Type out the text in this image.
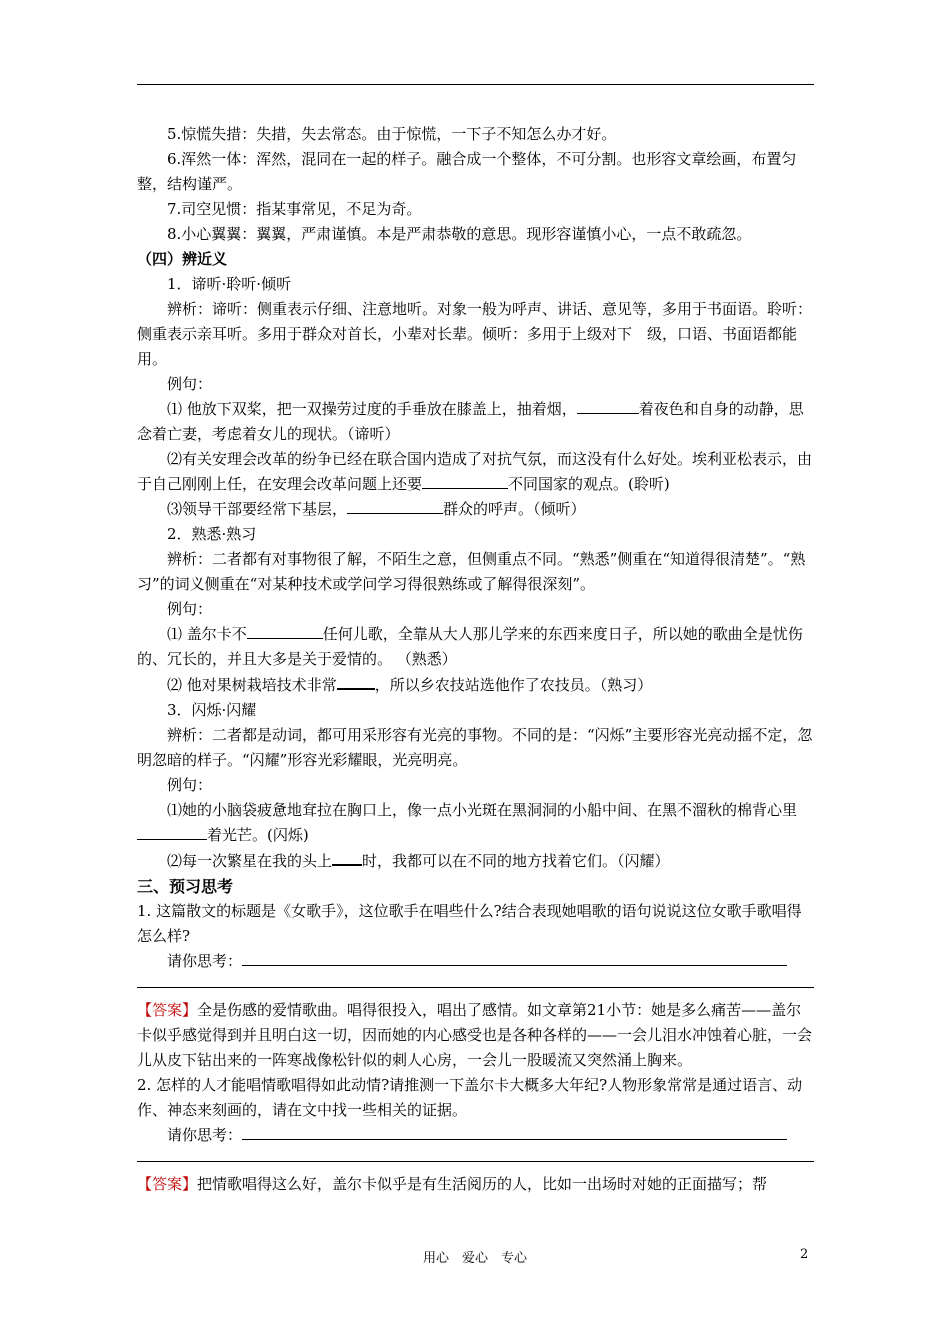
5.惊慌失措：失措，失去常态。由于惊慌，一下子不知怎么办才好。

6.浑然一体：浑然，混同在一起的样子。融合成一个整体，不可分割。也形容文章绘画，布置匀整，结构谨严。

7.司空见惯：指某事常见，不足为奇。

8.小心翼翼：翼翼，严肃谨慎。本是严肃恭敬的意思。现形容谨慎小心，一点不敢疏忽。

（四）辨近义

1．谛听·聆听·倾听

辨析：谛听：侧重表示仔细、注意地听。对象一般为呼声、讲话、意见等，多用于书面语。聆听：侧重表示亲耳听。多用于群众对首长，小辈对长辈。倾听：多用于上级对下　级，口语、书面语都能用。

例句：

⑴ 他放下双桨，把一双操劳过度的手垂放在膝盖上，抽着烟，	着夜色和自身的动静，思念着亡妻，考虑着女儿的现状。（谛听）

⑵有关安理会改革的纷争已经在联合国内造成了对抗气氛，而这没有什么好处。埃利亚松表示，由于自己刚刚上任，在安理会改革问题上还要	不同国家的观点。(聆听)

⑶领导干部要经常下基层，	群众的呼声。（倾听）

2．熟悉·熟习

辨析：二者都有对事物很了解，不陌生之意，但侧重点不同。“熟悉”侧重在“知道得很清楚”。“熟习”的词义侧重在“对某种技术或学问学习得很熟练或了解得很深刻”。

例句：

⑴ 盖尔卡不	任何儿歌，全靠从大人那儿学来的东西来度日子，所以她的歌曲全是忧伤的、冗长的，并且大多是关于爱情的。 （熟悉）

⑵ 他对果树栽培技术非常	，所以乡农技站选他作了农技员。（熟习）

3．闪烁·闪耀

辨析：二者都是动词，都可用采形容有光亮的事物。不同的是：“闪烁”主要形容光亮动摇不定，忽明忽暗的样子。“闪耀”形容光彩耀眼，光亮明亮。

例句：

⑴她的小脑袋疲惫地耷拉在胸口上，像一点小光斑在黑洞洞的小船中间、在黑不溜秋的棉背心里着光芒。(闪烁)

⑵每一次繁星在我的头上 时，我都可以在不同的地方找着它们。（闪耀）

三、预习思考

1. 这篇散文的标题是《女歌手》，这位歌手在唱些什么?结合表现她唱歌的语句说说这位女歌手歌唱得怎么样?

请你思考：

【答案】全是伤感的爱情歌曲。唱得很投入，唱出了感情。如文章第21小节：她是多么痛苦——盖尔卡似乎感觉得到并且明白这一切，因而她的内心感受也是各种各样的——一会儿泪水冲蚀着心脏，一会儿从皮下钻出来的一阵寒战像松针似的刺人心房，一会儿一股暖流又突然涌上胸来。

2. 怎样的人才能唱情歌唱得如此动情?请推测一下盖尔卡大概多大年纪?人物形象常常是通过语言、动作、神态来刻画的，请在文中找一些相关的证据。

请你思考：

【答案】把情歌唱得这么好，盖尔卡似乎是有生活阅历的人，比如一出场时对她的正面描写；帮

用心　爱心　专心	2
